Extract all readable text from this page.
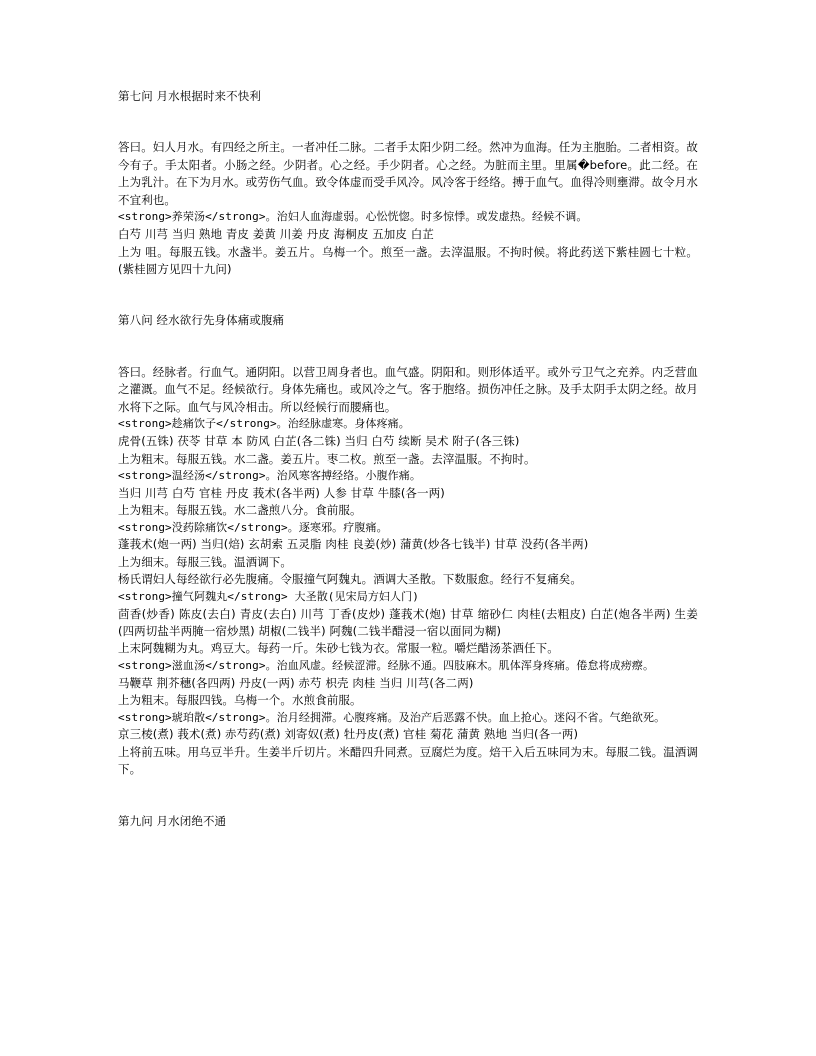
第七问 月水根据时来不快利

答曰。妇人月水。有四经之所主。一者冲任二脉。二者手太阳少阴二经。然冲为血海。任为主胞胎。二者相资。故今有子。手太阳者。小肠之经。少阴者。心之经。手少阴者。心之经。为脏而主里。里属�before。此二经。在上为乳汁。在下为月水。或劳伤气血。致令体虚而受手风冷。风冷客于经络。搏于血气。血得冷则壅滞。故令月水不宜利也。

<strong>养荣汤</strong>。治妇人血海虚弱。心忪恍惚。时多惊悸。或发虚热。经候不调。

白芍 川芎 当归 熟地 青皮 姜黄 川姜 丹皮 海桐皮 五加皮 白芷

上为 咀。每服五钱。水盏半。姜五片。乌梅一个。煎至一盏。去滓温服。不拘时候。将此药送下紫桂圆七十粒。(紫桂圆方见四十九问)

第八问 经水欲行先身体痛或腹痛

答曰。经脉者。行血气。通阴阳。以营卫周身者也。血气盛。阴阳和。则形体适平。或外亏卫气之充养。内乏营血之灌溉。血气不足。经候欲行。身体先痛也。或风冷之气。客于胞络。损伤冲任之脉。及手太阴手太阴之经。故月水将下之际。血气与风冷相击。所以经候行而腰痛也。

<strong>趁痛饮子</strong>。治经脉虚寒。身体疼痛。

虎骨(五铢) 茯苓 甘草 本 防风 白芷(各二铢) 当归 白芍 续断 吴术 附子(各三铢)

上为粗末。每服五钱。水二盏。姜五片。枣二枚。煎至一盏。去滓温服。不拘时。

<strong>温经汤</strong>。治风寒客搏经络。小腹作痛。

当归 川芎 白芍 官桂 丹皮 莪术(各半两) 人参 甘草 牛膝(各一两)

上为粗末。每服五钱。水二盏煎八分。食前服。

<strong>没药除痛饮</strong>。逐寒邪。疗腹痛。

蓬莪术(炮一两) 当归(焙) 玄胡索 五灵脂 肉桂 良姜(炒) 蒲黄(炒各七钱半) 甘草 没药(各半两)

上为细末。每服三钱。温酒调下。

杨氏谓妇人每经欲行必先腹痛。令服撞气阿魏丸。酒调大圣散。下数服愈。经行不复痛矣。

<strong>撞气阿魏丸</strong> 大圣散(见宋局方妇人门)

茴香(炒香) 陈皮(去白) 青皮(去白) 川芎 丁香(皮炒) 蓬莪术(炮) 甘草 缩砂仁 肉桂(去粗皮) 白芷(炮各半两) 生姜(四两切盐半两腌一宿炒黑) 胡椒(二钱半) 阿魏(二钱半醋浸一宿以面同为糊)

上末阿魏糊为丸。鸡豆大。每药一斤。朱砂七钱为衣。常服一粒。嚼烂醋汤茶酒任下。

<strong>滋血汤</strong>。治血风虚。经候涩滞。经脉不通。四肢麻木。肌体浑身疼痛。倦怠将成痨瘵。

马鞭草 荆芥穗(各四两) 丹皮(一两) 赤芍 枳壳 肉桂 当归 川芎(各二两)

上为粗末。每服四钱。乌梅一个。水煎食前服。

<strong>琥珀散</strong>。治月经拥滞。心腹疼痛。及治产后恶露不快。血上抢心。迷闷不省。气绝欲死。

京三棱(煮) 莪术(煮) 赤芍药(煮) 刘寄奴(煮) 牡丹皮(煮) 官桂 菊花 蒲黄 熟地 当归(各一两)

上将前五味。用乌豆半升。生姜半斤切片。米醋四升同煮。豆腐烂为度。焙干入后五味同为末。每服二钱。温酒调下。

第九问 月水闭绝不通
